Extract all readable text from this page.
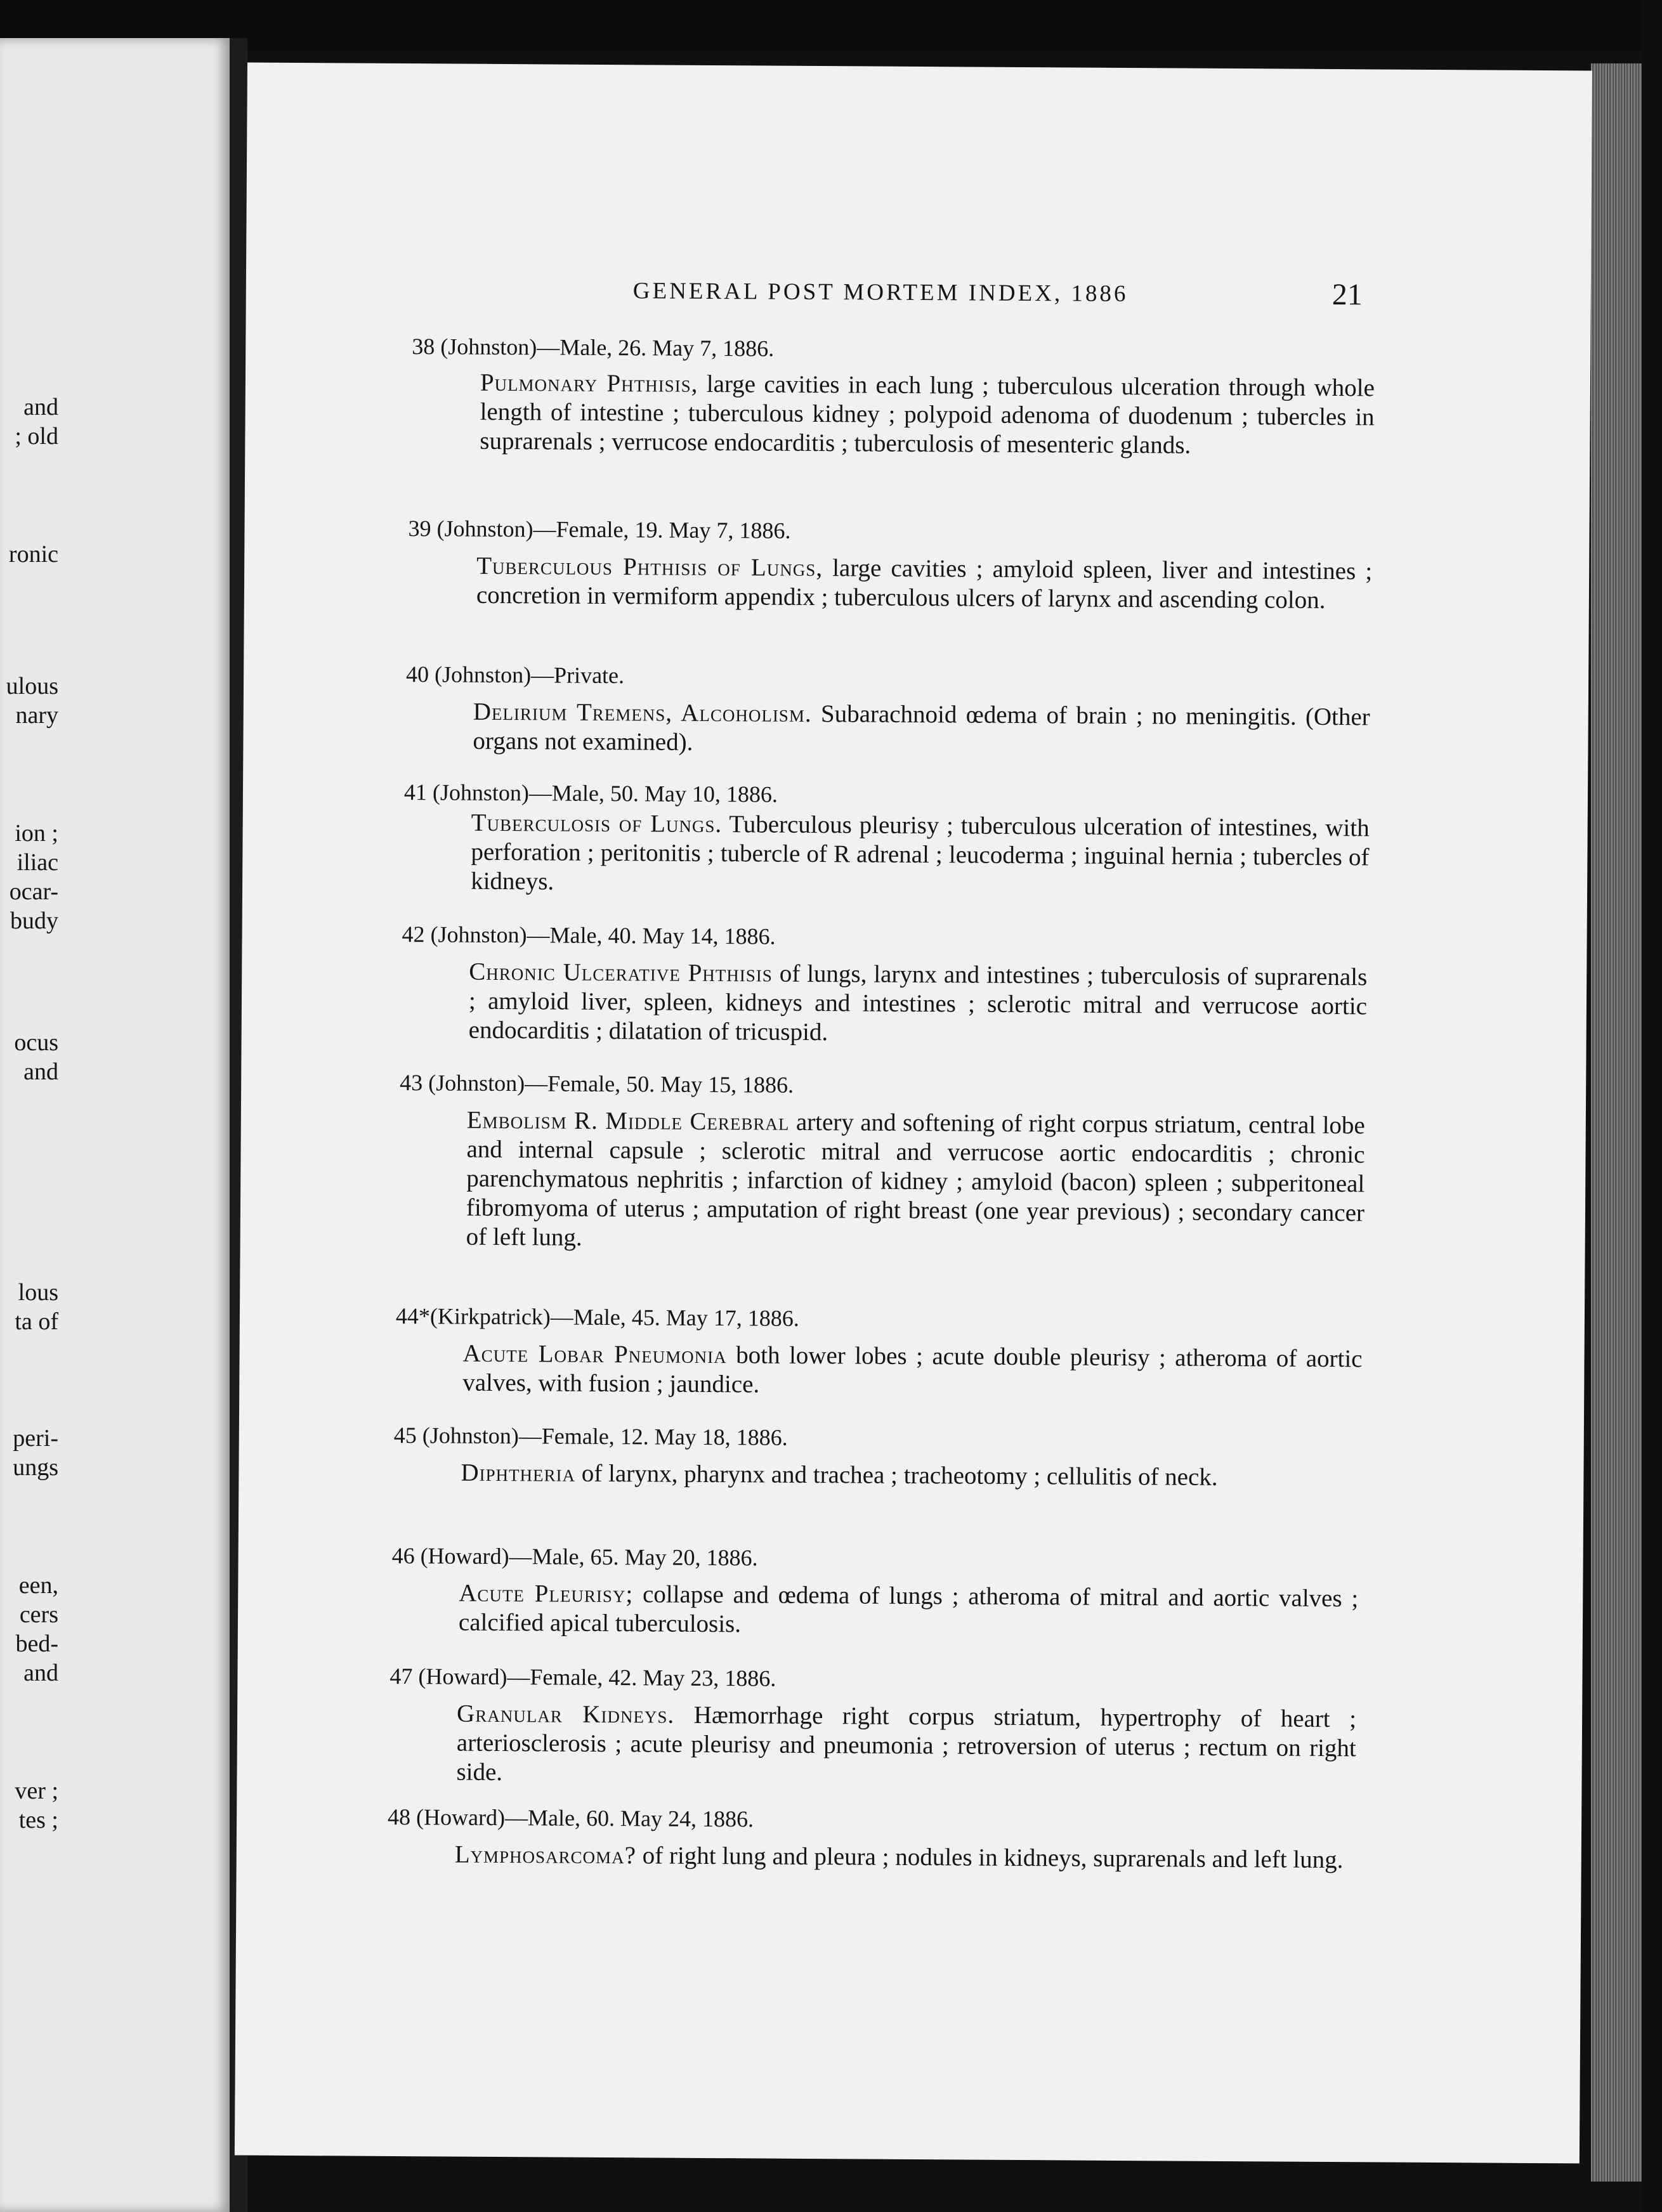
and
; old
ronic
ulous
nary
ion ;
iliac
ocar-
budy
ocus
and
lous
ta of
peri-
ungs
een,
cers
bed-
and
ver ;
tes ;
GENERAL POST MORTEM INDEX, 1886	21
38 (Johnston)—Male, 26. May 7, 1886.
Pulmonary Phthisis, large cavities in each lung ; tuberculous ulceration through whole length of intestine ; tuberculous kidney ; polypoid adenoma of duodenum ; tubercles in suprarenals ; verrucose endocarditis ; tuberculosis of mesenteric glands.
39 (Johnston)—Female, 19. May 7, 1886.
Tuberculous Phthisis of Lungs, large cavities ; amyloid spleen, liver and intestines ; concretion in vermiform appendix ; tuberculous ulcers of larynx and ascending colon.
40 (Johnston)—Private.
Delirium Tremens, Alcoholism. Subarachnoid œdema of brain ; no meningitis. (Other organs not examined).
41 (Johnston)—Male, 50. May 10, 1886.
Tuberculosis of Lungs. Tuberculous pleurisy ; tuberculous ulceration of intestines, with perforation ; peritonitis ; tubercle of R adrenal ; leucoderma ; inguinal hernia ; tubercles of kidneys.
42 (Johnston)—Male, 40. May 14, 1886.
Chronic Ulcerative Phthisis of lungs, larynx and intestines ; tuberculosis of suprarenals ; amyloid liver, spleen, kidneys and intestines ; sclerotic mitral and verrucose aortic endocarditis ; dilatation of tricuspid.
43 (Johnston)—Female, 50. May 15, 1886.
Embolism R. Middle Cerebral artery and softening of right corpus striatum, central lobe and internal capsule ; sclerotic mitral and verrucose aortic endocarditis ; chronic parenchymatous nephritis ; infarction of kidney ; amyloid (bacon) spleen ; subperitoneal fibromyoma of uterus ; amputation of right breast (one year previous) ; secondary cancer of left lung.
44*(Kirkpatrick)—Male, 45. May 17, 1886.
Acute Lobar Pneumonia both lower lobes ; acute double pleurisy ; atheroma of aortic valves, with fusion ; jaundice.
45 (Johnston)—Female, 12. May 18, 1886.
Diphtheria of larynx, pharynx and trachea ; tracheotomy ; cellulitis of neck.
46 (Howard)—Male, 65. May 20, 1886.
Acute Pleurisy; collapse and œdema of lungs ; atheroma of mitral and aortic valves ; calcified apical tuberculosis.
47 (Howard)—Female, 42. May 23, 1886.
Granular Kidneys. Hæmorrhage right corpus striatum, hypertrophy of heart ; arteriosclerosis ; acute pleurisy and pneumonia ; retroversion of uterus ; rectum on right side.
48 (Howard)—Male, 60. May 24, 1886.
Lymphosarcoma? of right lung and pleura ; nodules in kidneys, suprarenals and left lung.
